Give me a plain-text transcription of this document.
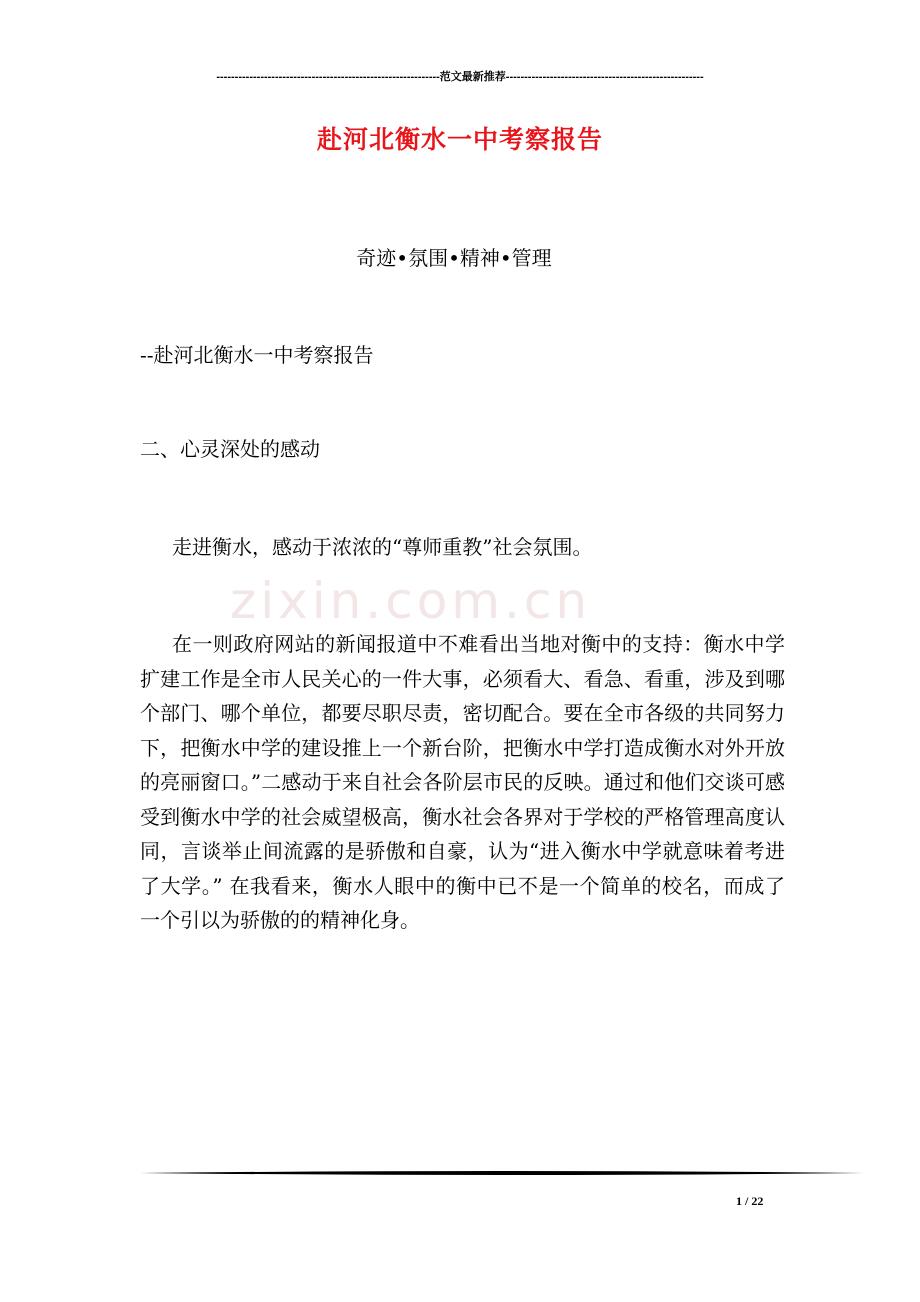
zixin.com.cn
-------------------------------------------------------------范文最新推荐------------------------------------------------------
赴河北衡水一中考察报告
奇迹•氛围•精神•管理
--赴河北衡水一中考察报告
二、心灵深处的感动
走进衡水，感动于浓浓的“尊师重教”社会氛围。
在一则政府网站的新闻报道中不难看出当地对衡中的支持：衡水中学扩建工作是全市人民关心的一件大事，必须看大、看急、看重，涉及到哪个部门、哪个单位，都要尽职尽责，密切配合。要在全市各级的共同努力下，把衡水中学的建设推上一个新台阶，把衡水中学打造成衡水对外开放的亮丽窗口。”二感动于来自社会各阶层市民的反映。通过和他们交谈可感受到衡水中学的社会威望极高，衡水社会各界对于学校的严格管理高度认同，言谈举止间流露的是骄傲和自豪，认为“进入衡水中学就意味着考进了大学。” 在我看来，衡水人眼中的衡中已不是一个简单的校名，而成了一个引以为骄傲的的精神化身。
1 / 22
